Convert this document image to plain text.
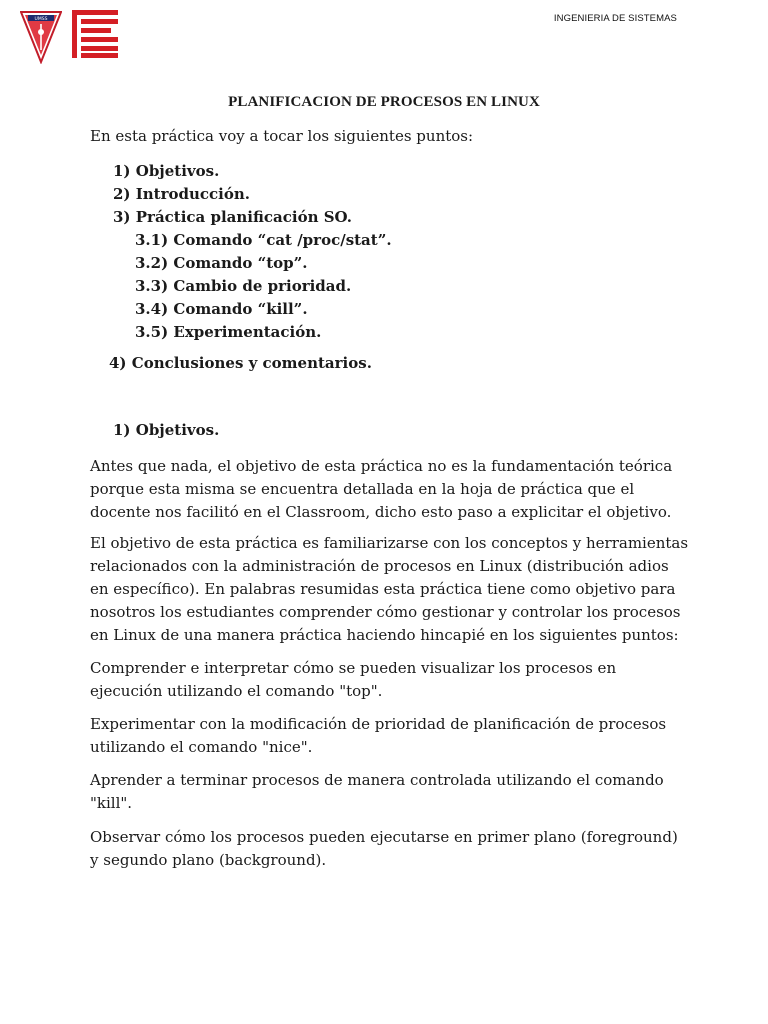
UMSS	INGENIERIA DE SISTEMAS
PLANIFICACION DE PROCESOS EN LINUX
En esta práctica voy a tocar los siguientes puntos:
1) Objetivos.
2) Introducción.
3) Práctica planificación SO.
3.1) Comando “cat /proc/stat”.
3.2) Comando “top”.
3.3) Cambio de prioridad.
3.4) Comando “kill”.
3.5) Experimentación.
4) Conclusiones y comentarios.
1) Objetivos.
Antes que nada, el objetivo de esta práctica no es la fundamentación teórica
porque esta misma se encuentra detallada en la hoja de práctica que el
docente nos facilitó en el Classroom, dicho esto paso a explicitar el objetivo.
El objetivo de esta práctica es familiarizarse con los conceptos y herramientas
relacionados con la administración de procesos en Linux (distribución adios
en específico). En palabras resumidas esta práctica tiene como objetivo para
nosotros los estudiantes comprender cómo gestionar y controlar los procesos
en Linux de una manera práctica haciendo hincapié en los siguientes puntos:
Comprender e interpretar cómo se pueden visualizar los procesos en
ejecución utilizando el comando "top".
Experimentar con la modificación de prioridad de planificación de procesos
utilizando el comando "nice".
Aprender a terminar procesos de manera controlada utilizando el comando
"kill".
Observar cómo los procesos pueden ejecutarse en primer plano (foreground)
y segundo plano (background).
